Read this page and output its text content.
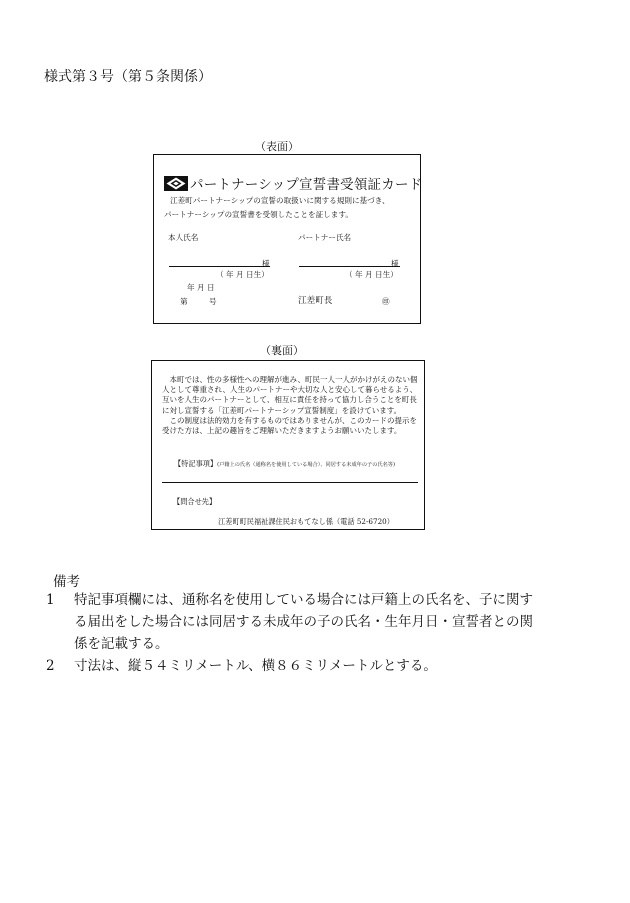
様式第３号（第５条関係）
（表面）
パートナーシップ宣誓書受領証カード
江差町パートナーシップの宣誓の取扱いに関する規則に基づき、
パートナーシップの宣誓書を受領したことを証します。
本人氏名	パートナー氏名
様	様
（ 年 月 日生）	（ 年 月 日生）
年 月 日
第	号	江差町長	㊞
（裏面）

本町では、性の多様性への理解が進み、町民一人一人がかけがえのない個人として尊重され、人生のパートナーや大切な人と安心して暮らせるよう、互いを人生のパートナーとして、相互に責任を持って協力し合うことを町長に対し宣誓する「江差町パートナーシップ宣誓制度」を設けています。

この制度は法的効力を有するものではありませんが、このカードの提示を受けた方は、上記の趣旨をご理解いただきますようお願いいたします。

【特記事項】(戸籍上の氏名（通称名を使用している場合）、同居する未成年の子の氏名等)
【問合せ先】
江差町町民福祉課住民おもてなし係（電話 52-6720）
備考
1 特記事項欄には、通称名を使用している場合には戸籍上の氏名を、子に関する届出をした場合には同居する未成年の子の氏名・生年月日・宣誓者との関係を記載する。
2 寸法は、縦５４ミリメートル、横８６ミリメートルとする。
